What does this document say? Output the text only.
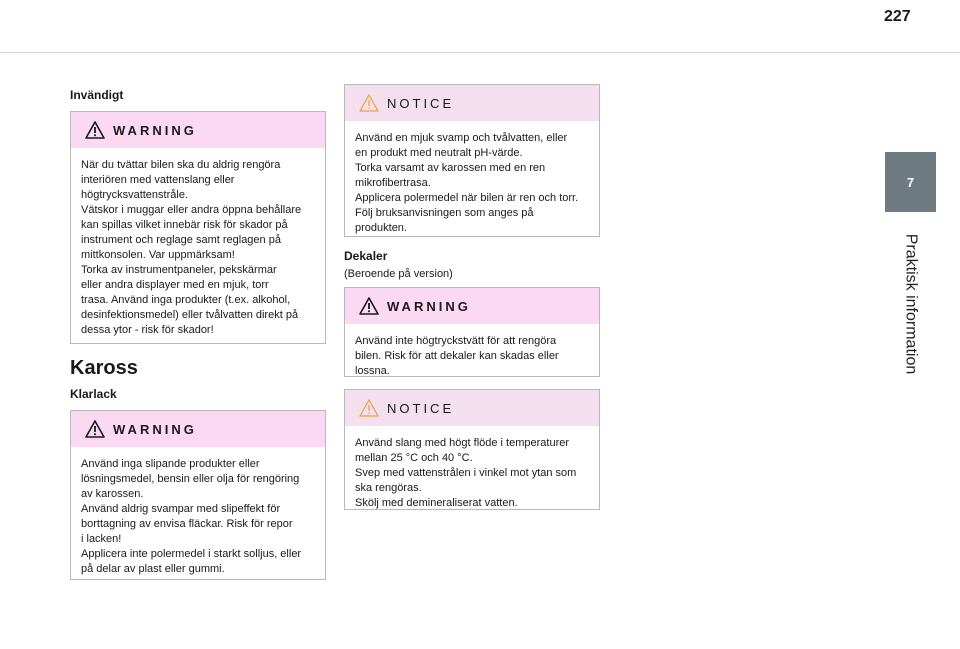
227
7
Praktisk information
Invändigt
WARNING
När du tvättar bilen ska du aldrig rengöra
interiören med vattenslang eller
högtrycksvattenstråle.
Vätskor i muggar eller andra öppna behållare
kan spillas vilket innebär risk för skador på
instrument och reglage samt reglagen på
mittkonsolen. Var uppmärksam!
Torka av instrumentpaneler, pekskärmar
eller andra displayer med en mjuk, torr
trasa. Använd inga produkter (t.ex. alkohol,
desinfektionsmedel) eller tvålvatten direkt på
dessa ytor - risk för skador!
Kaross
Klarlack
WARNING
Använd inga slipande produkter eller
lösningsmedel, bensin eller olja för rengöring
av karossen.
Använd aldrig svampar med slipeffekt för
borttagning av envisa fläckar. Risk för repor
i lacken!
Applicera inte polermedel i starkt solljus, eller
på delar av plast eller gummi.
NOTICE
Använd en mjuk svamp och tvålvatten, eller
en produkt med neutralt pH-värde.
Torka varsamt av karossen med en ren
mikrofibertrasa.
Applicera polermedel när bilen är ren och torr.
Följ bruksanvisningen som anges på
produkten.
Dekaler
(Beroende på version)
WARNING
Använd inte högtryckstvätt för att rengöra
bilen. Risk för att dekaler kan skadas eller
lossna.
NOTICE
Använd slang med högt flöde i temperaturer
mellan 25 °C och 40 °C.
Svep med vattenstrålen i vinkel mot ytan som
ska rengöras.
Skölj med demineraliserat vatten.
